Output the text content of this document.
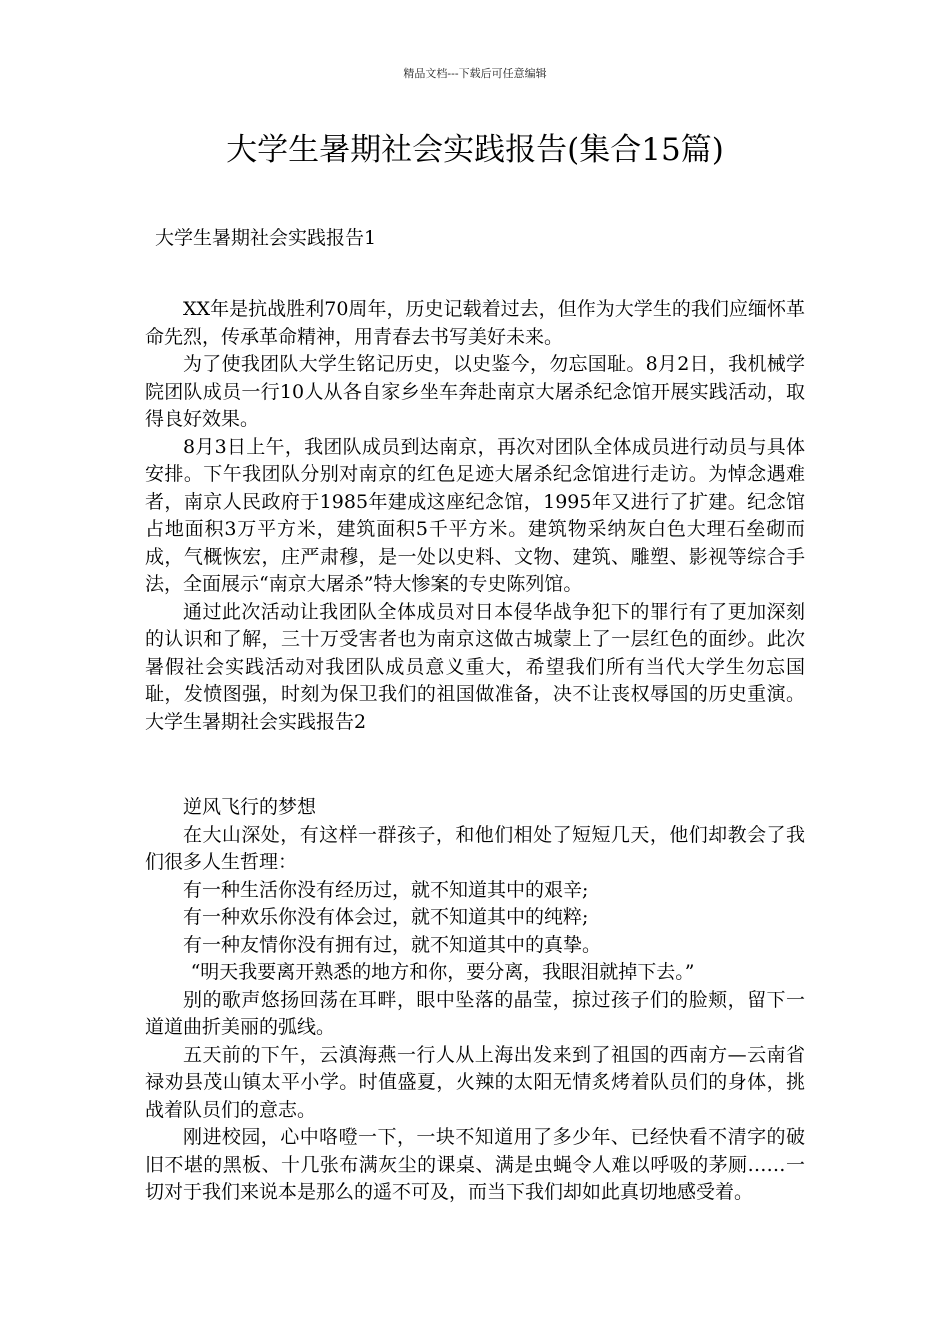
精品文档---下载后可任意编辑
大学生暑期社会实践报告(集合15篇)
大学生暑期社会实践报告1

XX年是抗战胜利70周年，历史记载着过去，但作为大学生的我们应缅怀革命先烈，传承革命精神，用青春去书写美好未来。

为了使我团队大学生铭记历史，以史鉴今，勿忘国耻。8月2日，我机械学院团队成员一行10人从各自家乡坐车奔赴南京大屠杀纪念馆开展实践活动，取得良好效果。

8月3日上午，我团队成员到达南京，再次对团队全体成员进行动员与具体安排。下午我团队分别对南京的红色足迹大屠杀纪念馆进行走访。为悼念遇难者，南京人民政府于1985年建成这座纪念馆，1995年又进行了扩建。纪念馆占地面积3万平方米，建筑面积5千平方米。建筑物采纳灰白色大理石垒砌而成，气概恢宏，庄严肃穆，是一处以史料、文物、建筑、雕塑、影视等综合手法，全面展示“南京大屠杀”特大惨案的专史陈列馆。

通过此次活动让我团队全体成员对日本侵华战争犯下的罪行有了更加深刻的认识和了解，三十万受害者也为南京这做古城蒙上了一层红色的面纱。此次暑假社会实践活动对我团队成员意义重大，希望我们所有当代大学生勿忘国耻，发愤图强，时刻为保卫我们的祖国做准备，决不让丧权辱国的历史重演。大学生暑期社会实践报告2

逆风飞行的梦想

在大山深处，有这样一群孩子，和他们相处了短短几天，他们却教会了我们很多人生哲理：

有一种生活你没有经历过，就不知道其中的艰辛;

有一种欢乐你没有体会过，就不知道其中的纯粹;

有一种友情你没有拥有过，就不知道其中的真挚。

“明天我要离开熟悉的地方和你，要分离，我眼泪就掉下去。”

别的歌声悠扬回荡在耳畔，眼中坠落的晶莹，掠过孩子们的脸颊，留下一道道曲折美丽的弧线。

五天前的下午，云滇海燕一行人从上海出发来到了祖国的西南方—云南省禄劝县茂山镇太平小学。时值盛夏，火辣的太阳无情炙烤着队员们的身体，挑战着队员们的意志。

刚进校园，心中咯噔一下，一块不知道用了多少年、已经快看不清字的破旧不堪的黑板、十几张布满灰尘的课桌、满是虫蝇令人难以呼吸的茅厕……一切对于我们来说本是那么的遥不可及，而当下我们却如此真切地感受着。
